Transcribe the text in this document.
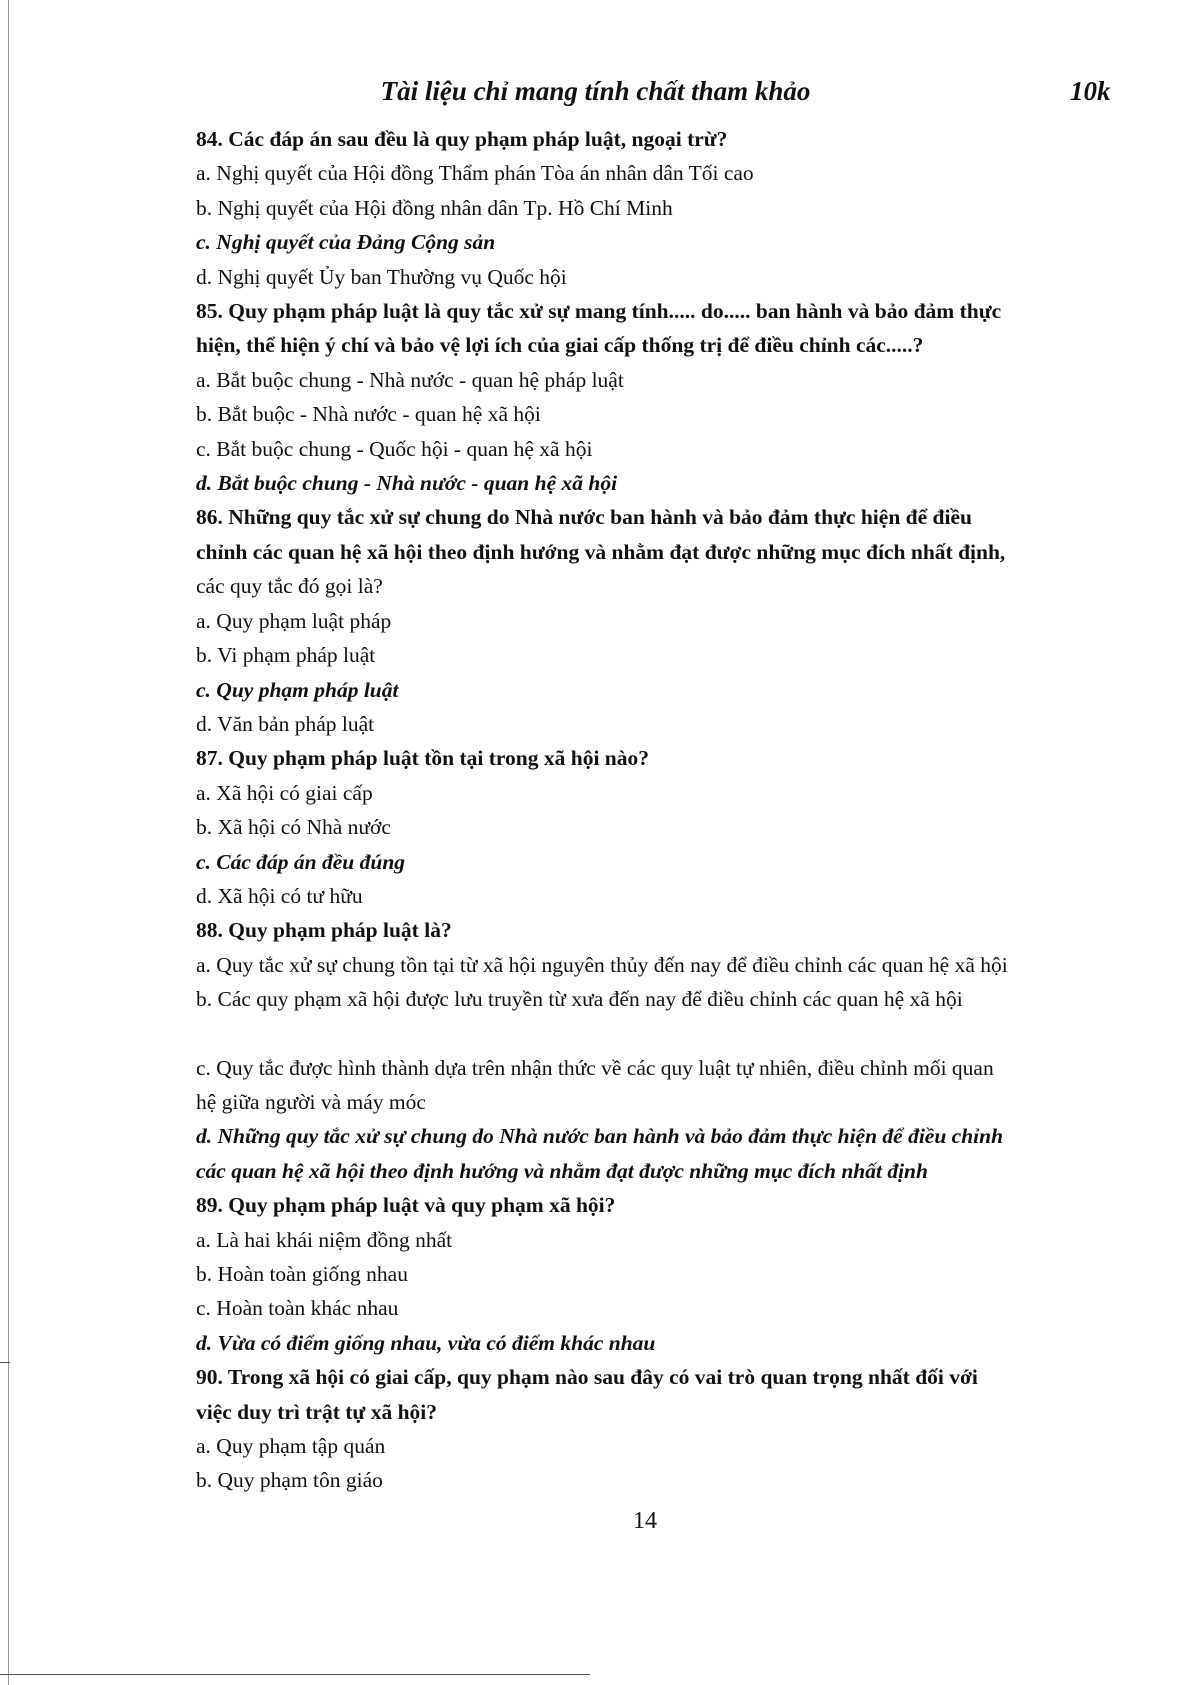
Tài liệu chỉ mang tính chất tham khảo	10k
84. Các đáp án sau đều là quy phạm pháp luật, ngoại trừ?
a. Nghị quyết của Hội đồng Thẩm phán Tòa án nhân dân Tối cao
b. Nghị quyết của Hội đồng nhân dân Tp. Hồ Chí Minh
c. Nghị quyết của Đảng Cộng sản
d. Nghị quyết Ủy ban Thường vụ Quốc hội
85. Quy phạm pháp luật là quy tắc xử sự mang tính..... do..... ban hành và bảo đảm thực
hiện, thể hiện ý chí và bảo vệ lợi ích của giai cấp thống trị để điều chỉnh các.....?
a. Bắt buộc chung - Nhà nước - quan hệ pháp luật
b. Bắt buộc - Nhà nước - quan hệ xã hội
c. Bắt buộc chung - Quốc hội - quan hệ xã hội
d. Bắt buộc chung - Nhà nước - quan hệ xã hội
86. Những quy tắc xử sự chung do Nhà nước ban hành và bảo đảm thực hiện để điều
chỉnh các quan hệ xã hội theo định hướng và nhằm đạt được những mục đích nhất định,
các quy tắc đó gọi là?
a. Quy phạm luật pháp
b. Vi phạm pháp luật
c. Quy phạm pháp luật
d. Văn bản pháp luật
87. Quy phạm pháp luật tồn tại trong xã hội nào?
a. Xã hội có giai cấp
b. Xã hội có Nhà nước
c. Các đáp án đều đúng
d. Xã hội có tư hữu
88. Quy phạm pháp luật là?
a. Quy tắc xử sự chung tồn tại từ xã hội nguyên thủy đến nay để điều chỉnh các quan hệ xã hội
b. Các quy phạm xã hội được lưu truyền từ xưa đến nay để điều chỉnh các quan hệ xã hội
c. Quy tắc được hình thành dựa trên nhận thức về các quy luật tự nhiên, điều chỉnh mối quan
hệ giữa người và máy móc
d. Những quy tắc xử sự chung do Nhà nước ban hành và bảo đảm thực hiện để điều chỉnh
các quan hệ xã hội theo định hướng và nhằm đạt được những mục đích nhất định
89. Quy phạm pháp luật và quy phạm xã hội?
a. Là hai khái niệm đồng nhất
b. Hoàn toàn giống nhau
c. Hoàn toàn khác nhau
d. Vừa có điểm giống nhau, vừa có điểm khác nhau
90. Trong xã hội có giai cấp, quy phạm nào sau đây có vai trò quan trọng nhất đối với
việc duy trì trật tự xã hội?
a. Quy phạm tập quán
b. Quy phạm tôn giáo
14
